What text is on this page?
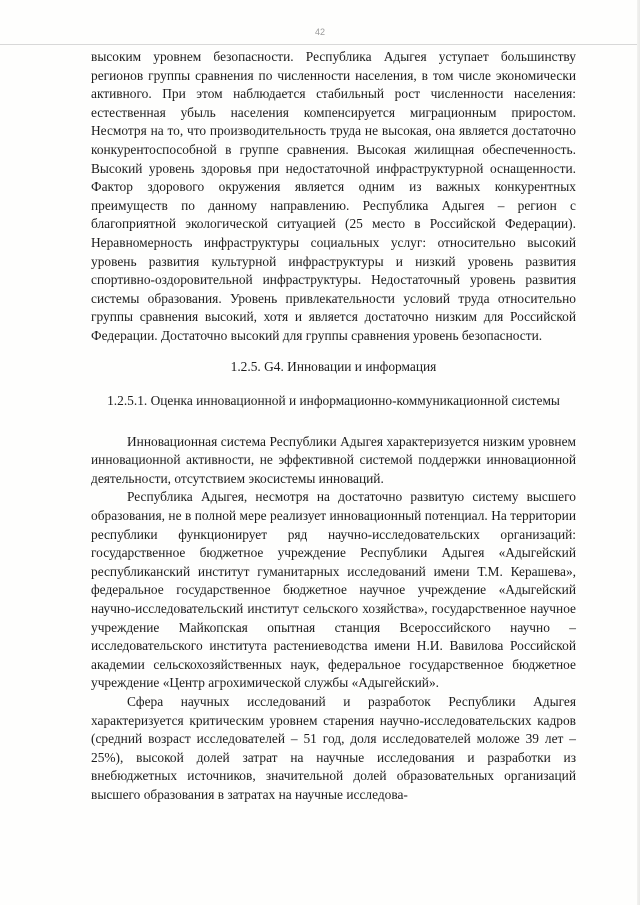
42

высоким уровнем безопасности. Республика Адыгея уступает большинству регионов группы сравнения по численности населения, в том числе экономически активного. При этом наблюдается стабильный рост численности населения: естественная убыль населения компенсируется миграционным приростом. Несмотря на то, что производительность труда не высокая, она является достаточно конкурентоспособной в группе сравнения. Высокая жилищная обеспеченность. Высокий уровень здоровья при недостаточной инфраструктурной оснащенности. Фактор здорового окружения является одним из важных конкурентных преимуществ по данному направлению. Республика Адыгея – регион с благоприятной экологической ситуацией (25 место в Российской Федерации). Неравномерность инфраструктуры социальных услуг: относительно высокий уровень развития культурной инфраструктуры и низкий уровень развития спортивно-оздоровительной инфраструктуры. Недостаточный уровень развития системы образования. Уровень привлекательности условий труда относительно группы сравнения высокий, хотя и является достаточно низким для Российской Федерации. Достаточно высокий для группы сравнения уровень безопасности.

1.2.5. G4. Инновации и информация

1.2.5.1. Оценка инновационной и информационно-коммуникационной системы

Инновационная система Республики Адыгея характеризуется низким уровнем инновационной активности, не эффективной системой поддержки инновационной деятельности, отсутствием экосистемы инноваций.

Республика Адыгея, несмотря на достаточно развитую систему высшего образования, не в полной мере реализует инновационный потенциал. На территории республики функционирует ряд научно-исследовательских организаций: государственное бюджетное учреждение Республики Адыгея «Адыгейский республиканский институт гуманитарных исследований имени Т.М. Керашева», федеральное государственное бюджетное научное учреждение «Адыгейский научно-исследовательский институт сельского хозяйства», государственное научное учреждение Майкопская опытная станция Всероссийского научно – исследовательского института растениеводства имени Н.И. Вавилова Российской академии сельскохозяйственных наук, федеральное государственное бюджетное учреждение «Центр агрохимической службы «Адыгейский».

Сфера научных исследований и разработок Республики Адыгея характеризуется критическим уровнем старения научно-исследовательских кадров (средний возраст исследователей – 51 год, доля исследователей моложе 39 лет – 25%), высокой долей затрат на научные исследования и разработки из внебюджетных источников, значительной долей образовательных организаций высшего образования в затратах на научные исследова-
